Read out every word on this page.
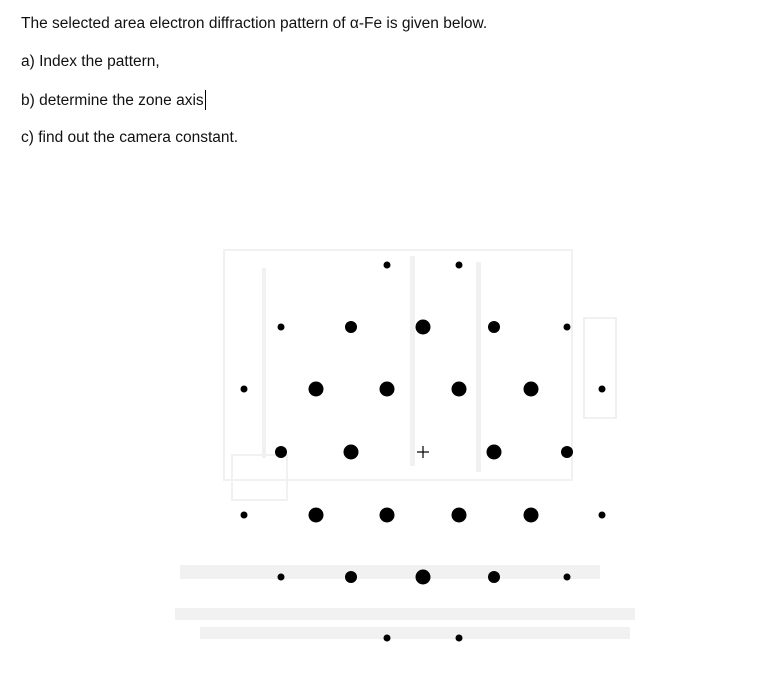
The selected area electron diffraction pattern of α-Fe is given below.
a) Index the pattern,
b) determine the zone axis
c) find out the camera constant.
